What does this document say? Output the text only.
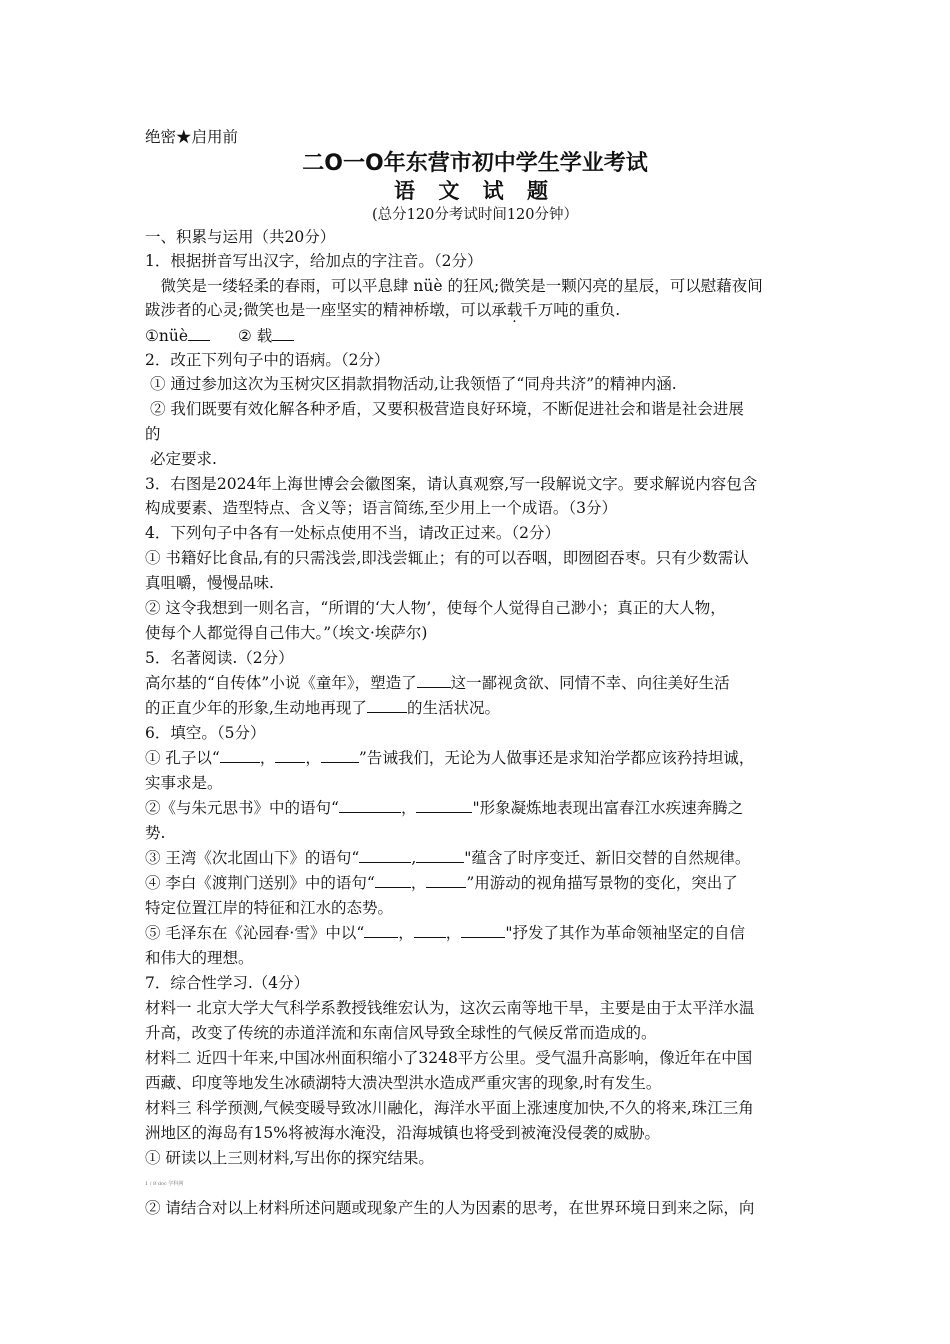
绝密★启用前
二O一O年东营市初中学生学业考试
语 文 试 题
(总分120分考试时间120分钟）
一、积累与运用（共20分）
1．根据拼音写出汉字，给加点的字注音。（2分）
　微笑是一缕轻柔的春雨，可以平息肆 nüè 的狂风;微笑是一颗闪亮的星辰，可以慰藉夜间
跋涉者的心灵;微笑也是一座坚实的精神桥墩，可以承载千万吨的重负.
①nüè	② 载
2．改正下列句子中的语病。（2分）
① 通过参加这次为玉树灾区捐款捐物活动,让我领悟了“同舟共济”的精神内涵.
② 我们既要有效化解各种矛盾，又要积极营造良好环境，不断促进社会和谐是社会进展
的
必定要求.
3．右图是2024年上海世博会会徽图案，请认真观察,写一段解说文字。要求解说内容包含
构成要素、造型特点、含义等；语言简练,至少用上一个成语。（3分）
4．下列句子中各有一处标点使用不当，请改正过来。（2分）
① 书籍好比食品,有的只需浅尝,即浅尝辄止；有的可以吞咽，即囫囵吞枣。只有少数需认
真咀嚼，慢慢品味.
② 这令我想到一则名言，“所谓的‘大人物’，使每个人觉得自己渺小；真正的大人物，
使每个人都觉得自己伟大。”（埃文·埃萨尔)
5．名著阅读.（2分）
高尔基的“自传体”小说《童年》，塑造了 这一鄙视贪欲、同情不幸、向往美好生活
的正直少年的形象,生动地再现了	的生活状况。
6．填空。（5分）
① 孔子以“	， ， ”告诫我们，无论为人做事还是求知治学都应该矜持坦诚，
实事求是。
②《与朱元思书》中的语句“	，	"形象凝炼地表现出富春江水疾速奔腾之
势.
③ 王湾《次北固山下》的语句“	,	"蕴含了时序变迁、新旧交替的自然规律。
④ 李白《渡荆门送别》中的语句“ ，	”用游动的视角描写景物的变化，突出了
特定位置江岸的特征和江水的态势。
⑤ 毛泽东在《沁园春·雪》中以“ ， ，	"抒发了其作为革命领袖坚定的自信
和伟大的理想。
7．综合性学习.（4分）
材料一 北京大学大气科学系教授钱维宏认为，这次云南等地干旱，主要是由于太平洋水温
升高，改变了传统的赤道洋流和东南信风导致全球性的气候反常而造成的。
材料二 近四十年来,中国冰州面积缩小了3248平方公里。受气温升高影响，像近年在中国
西藏、印度等地发生冰碛湖特大溃决型洪水造成严重灾害的现象,时有发生。
材料三 科学预测,气候变暖导致冰川融化，海洋水平面上涨速度加快,不久的将来,珠江三角
洲地区的海岛有15%将被海水淹没，沿海城镇也将受到被淹没侵袭的威胁。
① 研读以上三则材料,写出你的探究结果。
1 / 8 doc 学科网
② 请结合对以上材料所述问题或现象产生的人为因素的思考，在世界环境日到来之际，向
